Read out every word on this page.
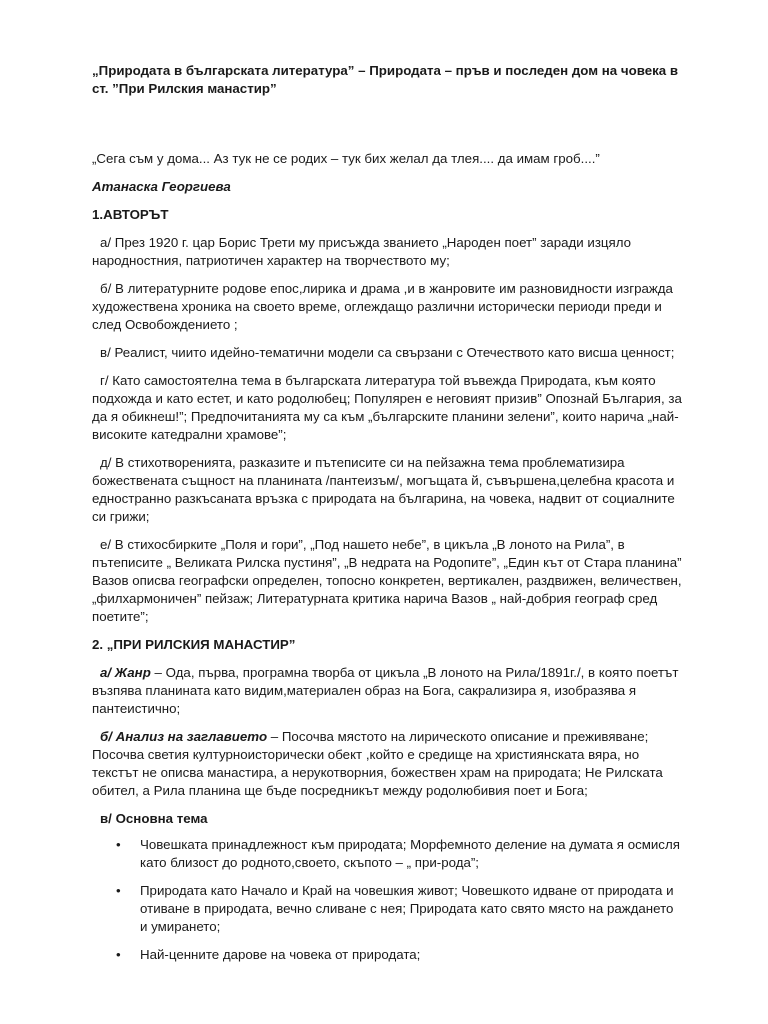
„Природата в българската литература” – Природата – пръв и последен дом на човека в ст. ”При Рилския манастир”

„Сега съм у дома... Аз тук не се родих – тук бих желал да тлея.... да имам гроб....”
Атанаска Георгиева
1.АВТОРЪТ
а/ През 1920 г. цар Борис Трети му присъжда званието „Народен поет” заради изцяло народностния, патриотичен характер на творчеството му;
б/ В литературните родове епос,лирика и драма ,и в жанровите им разновидности изгражда художествена хроника на своето време, оглеждащо различни исторически периоди преди и след Освобождението ;
в/ Реалист, чиито идейно-тематични модели са свързани с Отечеството като висша ценност;
г/ Като самостоятелна тема в българската литература той въвежда Природата, към която подхожда и като естет, и като родолюбец; Популярен е неговият призив” Опознай България, за да я обикнеш!”; Предпочитанията му са към „българските планини зелени”, които нарича „най-високите катедрални храмове”;
д/ В стихотворенията, разказите и пътеписите си на пейзажна тема проблематизира божествената същност на планината /пантеизъм/, могъщата й, съвършена,целебна красота и едностранно разкъсаната връзка с природата на българина, на човека, надвит от социалните си грижи;
е/ В стихосбирките „Поля и гори”, „Под нашето небе”, в цикъла „В лоното на Рила”, в пътеписите „ Великата Рилска пустиня”, „В недрата на Родопите”, „Един кът от Стара планина” Вазов описва географски определен, топосно конкретен, вертикален, раздвижен, величествен, „филхармоничен” пейзаж; Литературната критика нарича Вазов „ най-добрия географ сред поетите”;
2. „ПРИ РИЛСКИЯ МАНАСТИР”
а/ Жанр – Ода, първа, програмна творба от цикъла „В лоното на Рила/1891г./, в която поетът възпява планината като видим,материален образ на Бога, сакрализира я, изобразява я пантеистично;
б/ Анализ на заглавието – Посочва мястото на лирическото описание и преживяване; Посочва светия културноисторически обект ,който е средище на християнската вяра, но текстът не описва манастира, а нерукотворния, божествен храм на природата; Не Рилската обител, а Рила планина ще бъде посредникът между родолюбивия поет и Бога;
в/ Основна тема
• Човешката принадлежност към природата; Морфемното деление на думата я осмисля като близост до родното,своето, скъпото – „ при-рода”;
• Природата като Начало и Край на човешкия живот; Човешкото идване от природата и отиване в природата, вечно сливане с нея; Природата като свято място на раждането и умирането;
• Най-ценните дарове на човека от природата;
